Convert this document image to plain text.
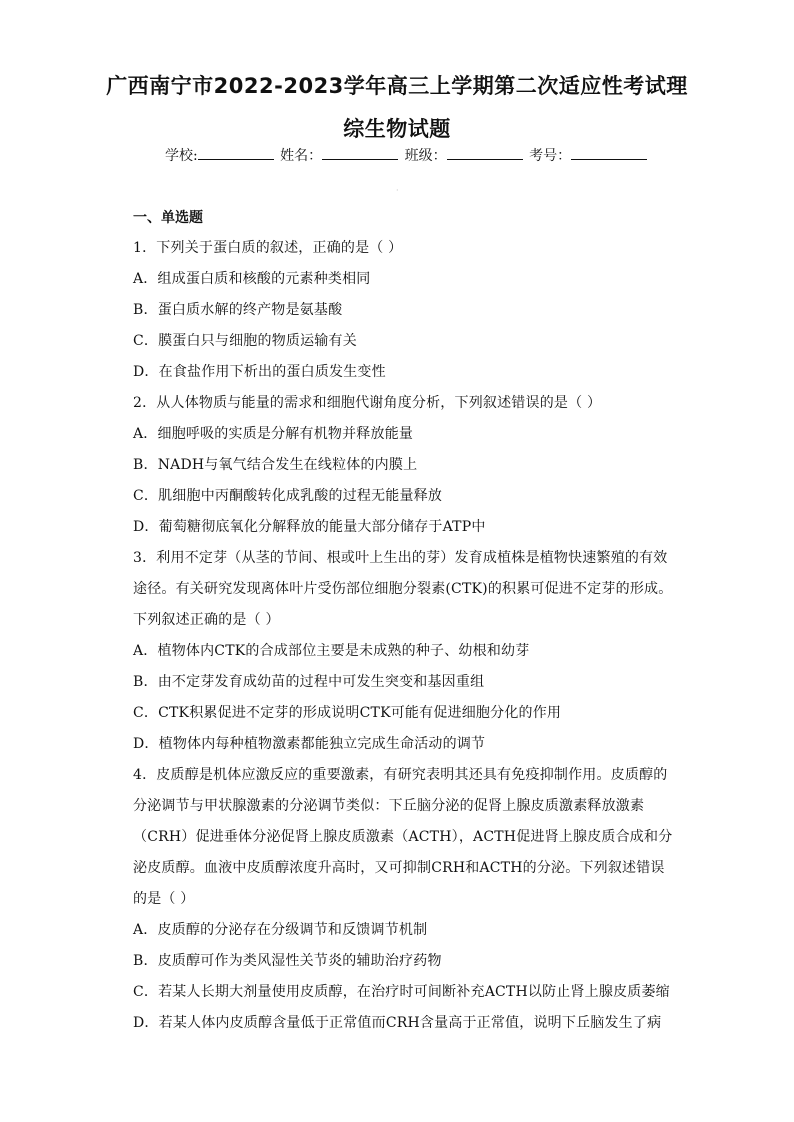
广西南宁市2022-2023学年高三上学期第二次适应性考试理
综生物试题
学校:	姓名：	班级：	考号：
·
一、单选题
1．下列关于蛋白质的叙述，正确的是（ ）
A．组成蛋白质和核酸的元素种类相同
B．蛋白质水解的终产物是氨基酸
C．膜蛋白只与细胞的物质运输有关
D．在食盐作用下析出的蛋白质发生变性
2．从人体物质与能量的需求和细胞代谢角度分析，下列叙述错误的是（ ）
A．细胞呼吸的实质是分解有机物并释放能量
B．NADH与氧气结合发生在线粒体的内膜上
C．肌细胞中丙酮酸转化成乳酸的过程无能量释放
D．葡萄糖彻底氧化分解释放的能量大部分储存于ATP中
3．利用不定芽（从茎的节间、根或叶上生出的芽）发育成植株是植物快速繁殖的有效
途径。有关研究发现离体叶片受伤部位细胞分裂素(CTK)的积累可促进不定芽的形成。
下列叙述正确的是（ ）
A．植物体内CTK的合成部位主要是未成熟的种子、幼根和幼芽
B．由不定芽发育成幼苗的过程中可发生突变和基因重组
C．CTK积累促进不定芽的形成说明CTK可能有促进细胞分化的作用
D．植物体内每种植物激素都能独立完成生命活动的调节
4．皮质醇是机体应激反应的重要激素，有研究表明其还具有免疫抑制作用。皮质醇的
分泌调节与甲状腺激素的分泌调节类似：下丘脑分泌的促肾上腺皮质激素释放激素
（CRH）促进垂体分泌促肾上腺皮质激素（ACTH），ACTH促进肾上腺皮质合成和分
泌皮质醇。血液中皮质醇浓度升高时，又可抑制CRH和ACTH的分泌。下列叙述错误
的是（ ）
A．皮质醇的分泌存在分级调节和反馈调节机制
B．皮质醇可作为类风湿性关节炎的辅助治疗药物
C．若某人长期大剂量使用皮质醇，在治疗时可间断补充ACTH以防止肾上腺皮质萎缩
D．若某人体内皮质醇含量低于正常值而CRH含量高于正常值，说明下丘脑发生了病
